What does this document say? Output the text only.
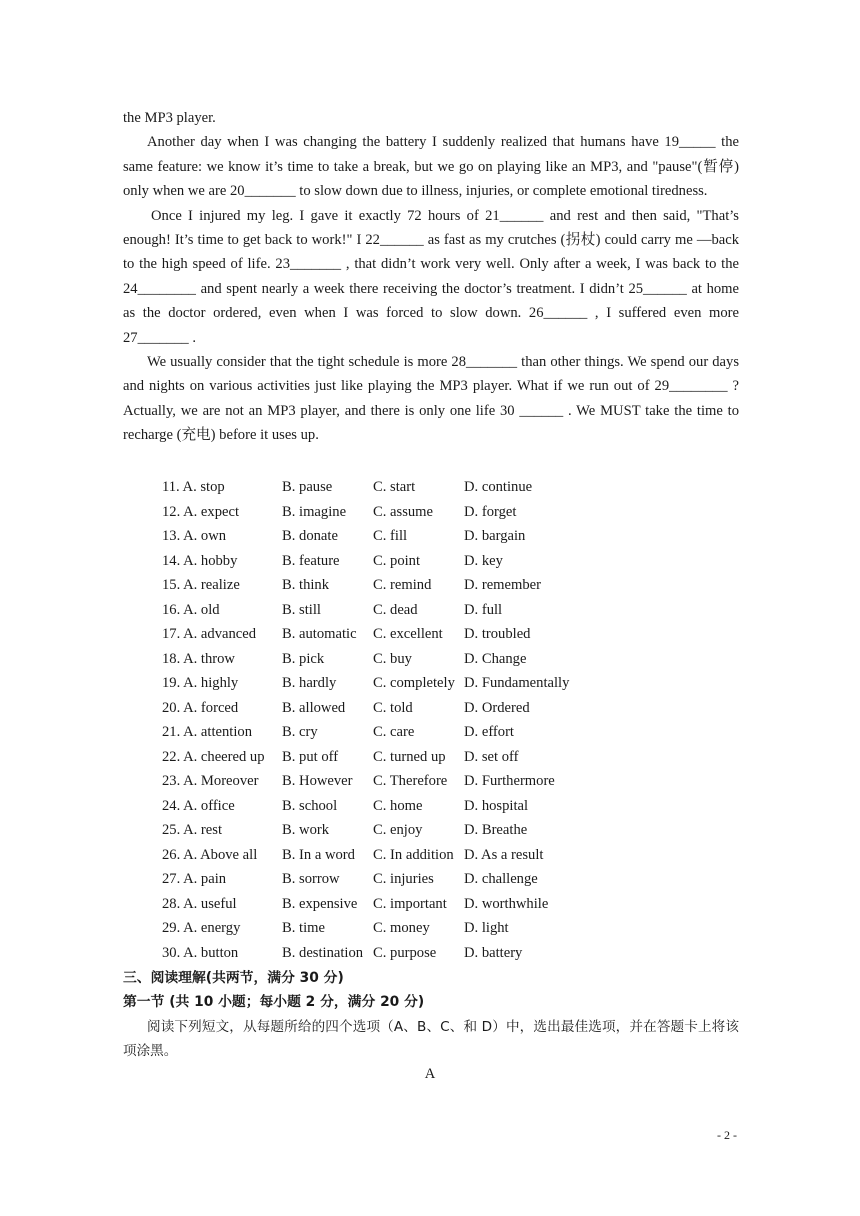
the MP3 player.

Another day when I was changing the battery I suddenly realized that humans have 19_____ the same feature: we know it’s time to take a break, but we go on playing like an MP3, and "pause"(暂停) only when we are 20_______ to slow down due to illness, injuries, or complete emotional tiredness.

Once I injured my leg. I gave it exactly 72 hours of 21______ and rest and then said, "That’s enough! It’s time to get back to work!" I 22______ as fast as my crutches (拐杖) could carry me —back to the high speed of life. 23_______ , that didn’t work very well. Only after a week, I was back to the 24________ and spent nearly a week there receiving the doctor’s treatment. I didn’t 25______ at home as the doctor ordered, even when I was forced to slow down. 26______ , I suffered even more 27_______ .

We usually consider that the tight schedule is more 28_______ than other things. We spend our days and nights on various activities just like playing the MP3 player. What if we run out of 29________ ? Actually, we are not an MP3 player, and there is only one life 30 ______ . We MUST take the time to recharge (充电) before it uses up.

11. A. stop	B. pause	C. start	D. continue
12. A. expect	B. imagine C. assume D. forget
13. A. own	B. donate C. fill	D. bargain
14. A. hobby	B. feature C. point	D. key
15. A. realize	B. think	C. remind D. remember
16. A. old	B. still	C. dead	D. full
17. A. advanced B. automatic C. excellent D. troubled
18. A. throw	B. pick	C. buy	D. Change
19. A. highly	B. hardly	C. completely D. Fundamentally
20. A. forced	B. allowed C. told	D. Ordered
21. A. attention B. cry	C. care	D. effort
22. A. cheered up B. put off C. turned up D. set off
23. A. Moreover B. However C. Therefore D. Furthermore
24. A. office	B. school C. home	D. hospital
25. A. rest	B. work	C. enjoy	D. Breathe
26. A. Above all B. In a word C. In addition D. As a result
27. A. pain	B. sorrow C. injuries D. challenge
28. A. useful	B. expensive C. important D. worthwhile
29. A. energy	B. time	C. money D. light
30. A. button	B. destination C. purpose D. battery
三、阅读理解(共两节，满分 30 分)
第一节 (共 10 小题；每小题 2 分，满分 20 分)

阅读下列短文，从每题所给的四个选项（A、B、C、和 D）中，选出最佳选项，并在答题卡上将该项涂黑。

A
- 2 -
